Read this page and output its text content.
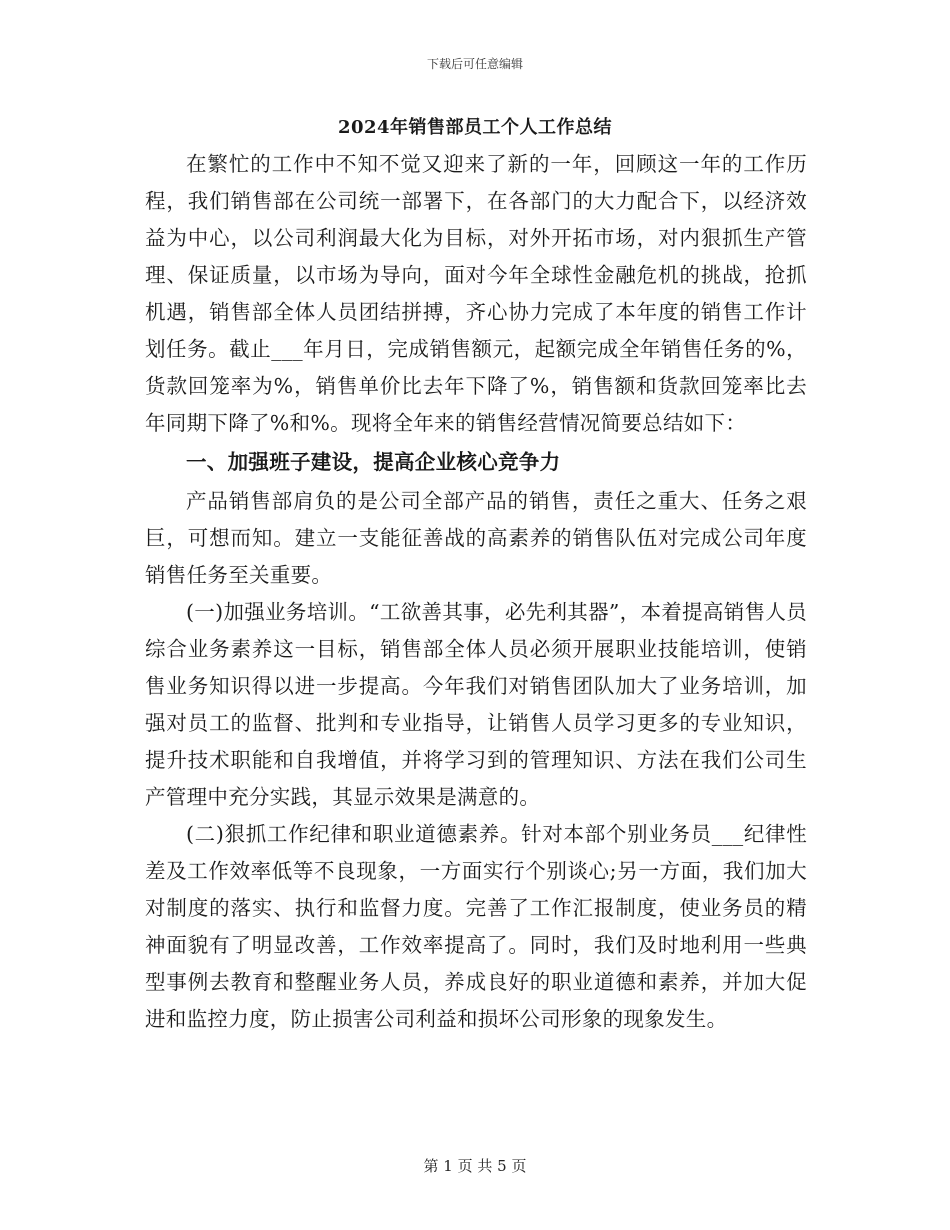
下载后可任意编辑
2024年销售部员工个人工作总结

在繁忙的工作中不知不觉又迎来了新的一年，回顾这一年的工作历程，我们销售部在公司统一部署下，在各部门的大力配合下，以经济效益为中心，以公司利润最大化为目标，对外开拓市场，对内狠抓生产管理、保证质量，以市场为导向，面对今年全球性金融危机的挑战，抢抓机遇，销售部全体人员团结拼搏，齐心协力完成了本年度的销售工作计划任务。截止___年月日，完成销售额元，起额完成全年销售任务的%，货款回笼率为%，销售单价比去年下降了%，销售额和货款回笼率比去年同期下降了%和%。现将全年来的销售经营情况简要总结如下：

一、加强班子建设，提高企业核心竞争力

产品销售部肩负的是公司全部产品的销售，责任之重大、任务之艰巨，可想而知。建立一支能征善战的高素养的销售队伍对完成公司年度销售任务至关重要。

(一)加强业务培训。“工欲善其事，必先利其器”，本着提高销售人员综合业务素养这一目标，销售部全体人员必须开展职业技能培训，使销售业务知识得以进一步提高。今年我们对销售团队加大了业务培训，加强对员工的监督、批判和专业指导，让销售人员学习更多的专业知识，提升技术职能和自我增值，并将学习到的管理知识、方法在我们公司生产管理中充分实践，其显示效果是满意的。

(二)狠抓工作纪律和职业道德素养。针对本部个别业务员___纪律性差及工作效率低等不良现象，一方面实行个别谈心;另一方面，我们加大对制度的落实、执行和监督力度。完善了工作汇报制度，使业务员的精神面貌有了明显改善，工作效率提高了。同时，我们及时地利用一些典型事例去教育和整醒业务人员，养成良好的职业道德和素养，并加大促进和监控力度，防止损害公司利益和损坏公司形象的现象发生。

第 1 页 共 5 页
